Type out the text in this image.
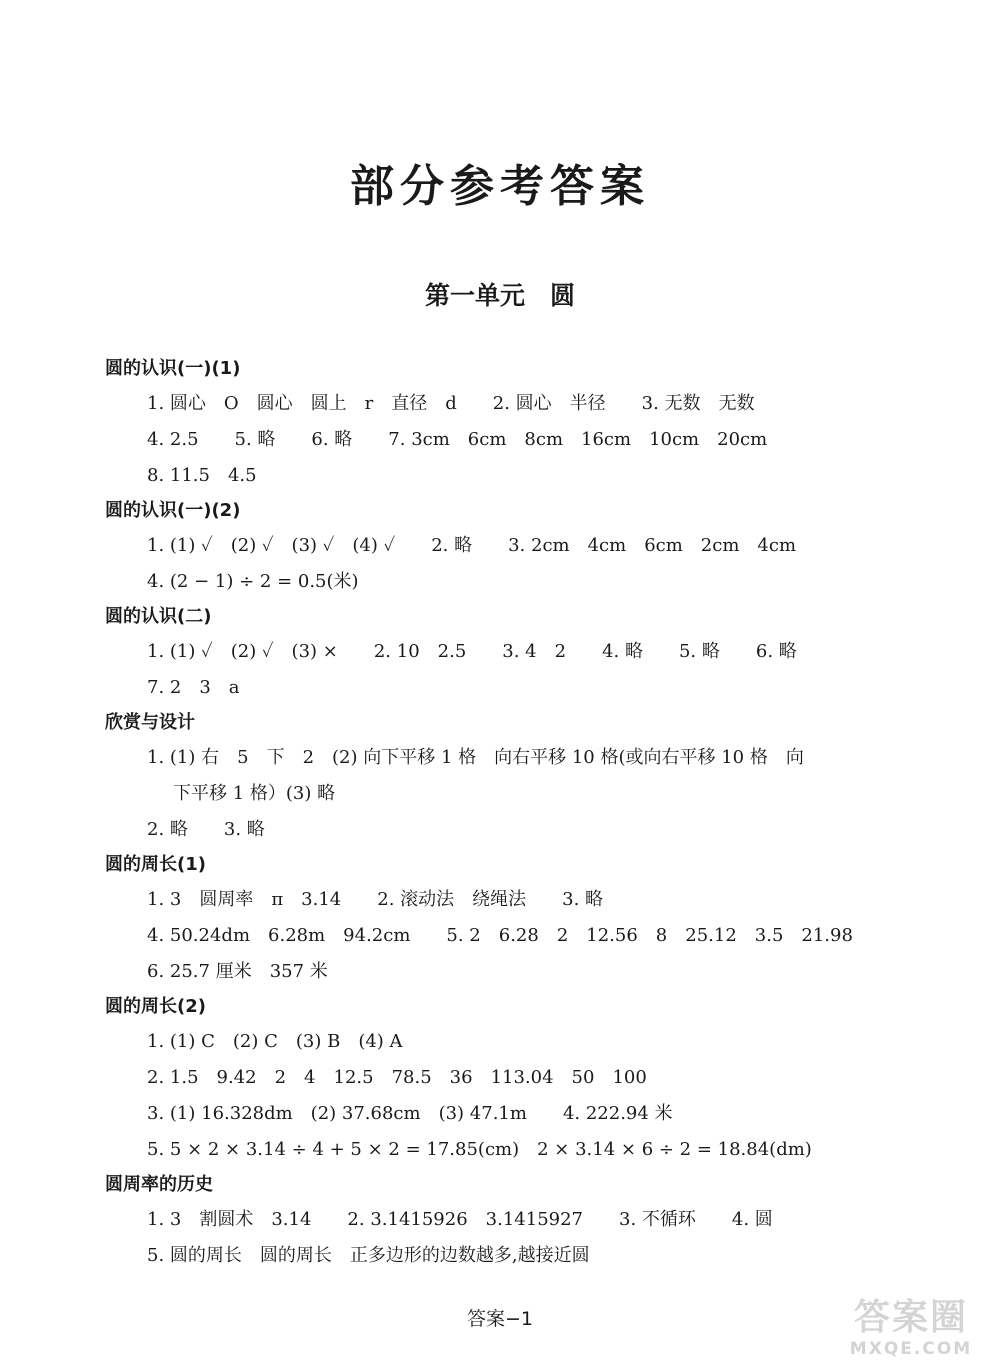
部分参考答案
第一单元　圆
圆的认识(一)(1)
1. 圆心　O　圆心　圆上　r　直径　d　　2. 圆心　半径　　3. 无数　无数
4. 2.5　　5. 略　　6. 略　　7. 3cm　6cm　8cm　16cm　10cm　20cm
8. 11.5　4.5
圆的认识(一)(2)
1. (1) ✓　(2) ✓　(3) ✓　(4) ✓　　2. 略　　3. 2cm　4cm　6cm　2cm　4cm
4. (2 − 1) ÷ 2 = 0.5(米)
圆的认识(二)
1. (1) ✓　(2) ✓　(3) ×　　2. 10　2.5　　3. 4　2　　4. 略　　5. 略　　6. 略
7. 2　3　a
欣赏与设计
1. (1) 右　5　下　2　(2) 向下平移 1 格　向右平移 10 格(或向右平移 10 格　向
下平移 1 格）(3) 略
2. 略　　3. 略
圆的周长(1)
1. 3　圆周率　π　3.14　　2. 滚动法　绕绳法　　3. 略
4. 50.24dm　6.28m　94.2cm　　5. 2　6.28　2　12.56　8　25.12　3.5　21.98
6. 25.7 厘米　357 米
圆的周长(2)
1. (1) C　(2) C　(3) B　(4) A
2. 1.5　9.42　2　4　12.5　78.5　36　113.04　50　100
3. (1) 16.328dm　(2) 37.68cm　(3) 47.1m　　4. 222.94 米
5. 5 × 2 × 3.14 ÷ 4 + 5 × 2 = 17.85(cm)　2 × 3.14 × 6 ÷ 2 = 18.84(dm)
圆周率的历史
1. 3　割圆术　3.14　　2. 3.1415926　3.1415927　　3. 不循环　　4. 圆
5. 圆的周长　圆的周长　正多边形的边数越多,越接近圆
答案−1	答案圈
MXQE.COM
